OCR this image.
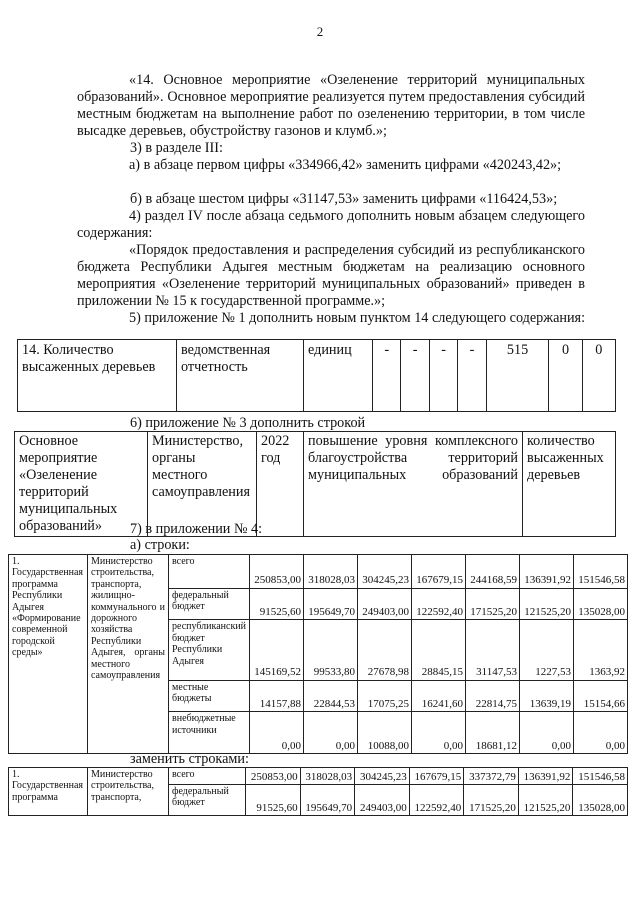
2

«14. Основное мероприятие «Озеленение территорий муниципальных образований». Основное мероприятие реализуется путем предоставления субсидий местным бюджетам на выполнение работ по озеленению территории, в том числе высадке деревьев, обустройству газонов и клумб.»;

3) в разделе III:

а) в абзаце первом цифры «334966,42» заменить цифрами «420243,42»;

б) в абзаце шестом цифры «31147,53» заменить цифрами «116424,53»;

4) раздел IV после абзаца седьмого дополнить новым абзацем следующего содержания:

«Порядок предоставления и распределения субсидий из республиканского бюджета Республики Адыгея местным бюджетам на реализацию основного мероприятия «Озеленение территорий муниципальных образований» приведен в приложении № 15 к государственной программе.»;

5) приложение № 1 дополнить новым пунктом 14 следующего содержания:

14. Количество высаженных деревьев	ведомственная отчетность	единиц	-	-	-	-	515	0	0

6) приложение № 3 дополнить строкой

Основное мероприятие «Озеленение территорий муниципальных образований»	Министерство, органы местного самоуправления	2022 год	повышение уровня комплексного благоустройства территорий муниципальных образований	количество высаженных деревьев

7) в приложении № 4:

а) строки:

1. Государственная программа Республики Адыгея «Формирование современной городской среды»	Министерство строительства, транспорта, жилищно-коммунального и дорожного хозяйства Республики Адыгея, органы местного самоуправления	всего	250853,00	318028,03	304245,23	167679,15	244168,59	136391,92	151546,58
		федеральный бюджет	91525,60	195649,70	249403,00	122592,40	171525,20	121525,20	135028,00
		республиканский бюджет Республики Адыгея	145169,52	99533,80	27678,98	28845,15	31147,53	1227,53	1363,92
		местные бюджеты	14157,88	22844,53	17075,25	16241,60	22814,75	13639,19	15154,66
		внебюджетные источники	0,00	0,00	10088,00	0,00	18681,12	0,00	0,00

заменить строками:

1. Государственная программа	Министерство строительства, транспорта,	всего	250853,00	318028,03	304245,23	167679,15	337372,79	136391,92	151546,58
		федеральный бюджет	91525,60	195649,70	249403,00	122592,40	171525,20	121525,20	135028,00
